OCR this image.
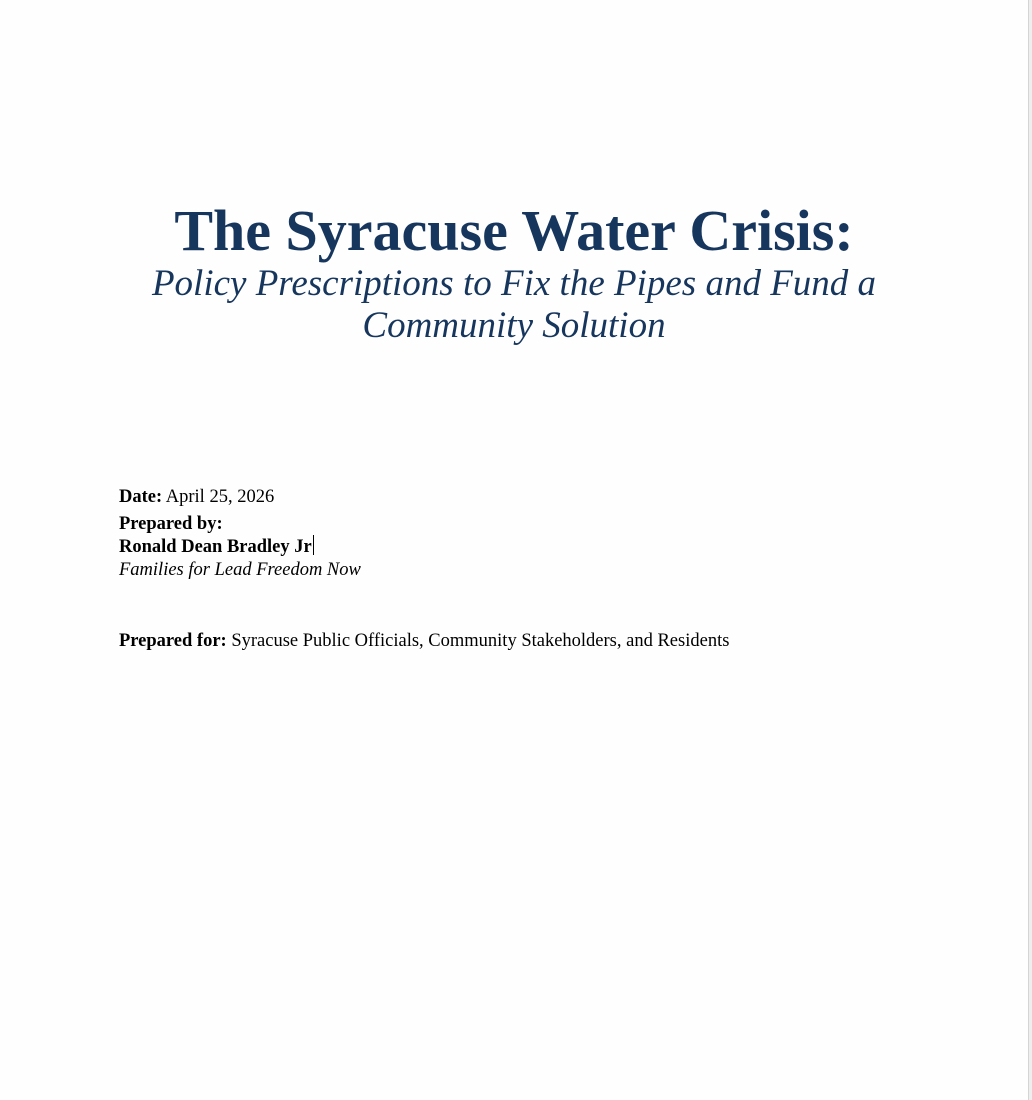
The Syracuse Water Crisis:
Policy Prescriptions to Fix the Pipes and Fund a Community Solution
Date: April 25, 2026
Prepared by:
Ronald Dean Bradley Jr
Families for Lead Freedom Now
Prepared for: Syracuse Public Officials, Community Stakeholders, and Residents
